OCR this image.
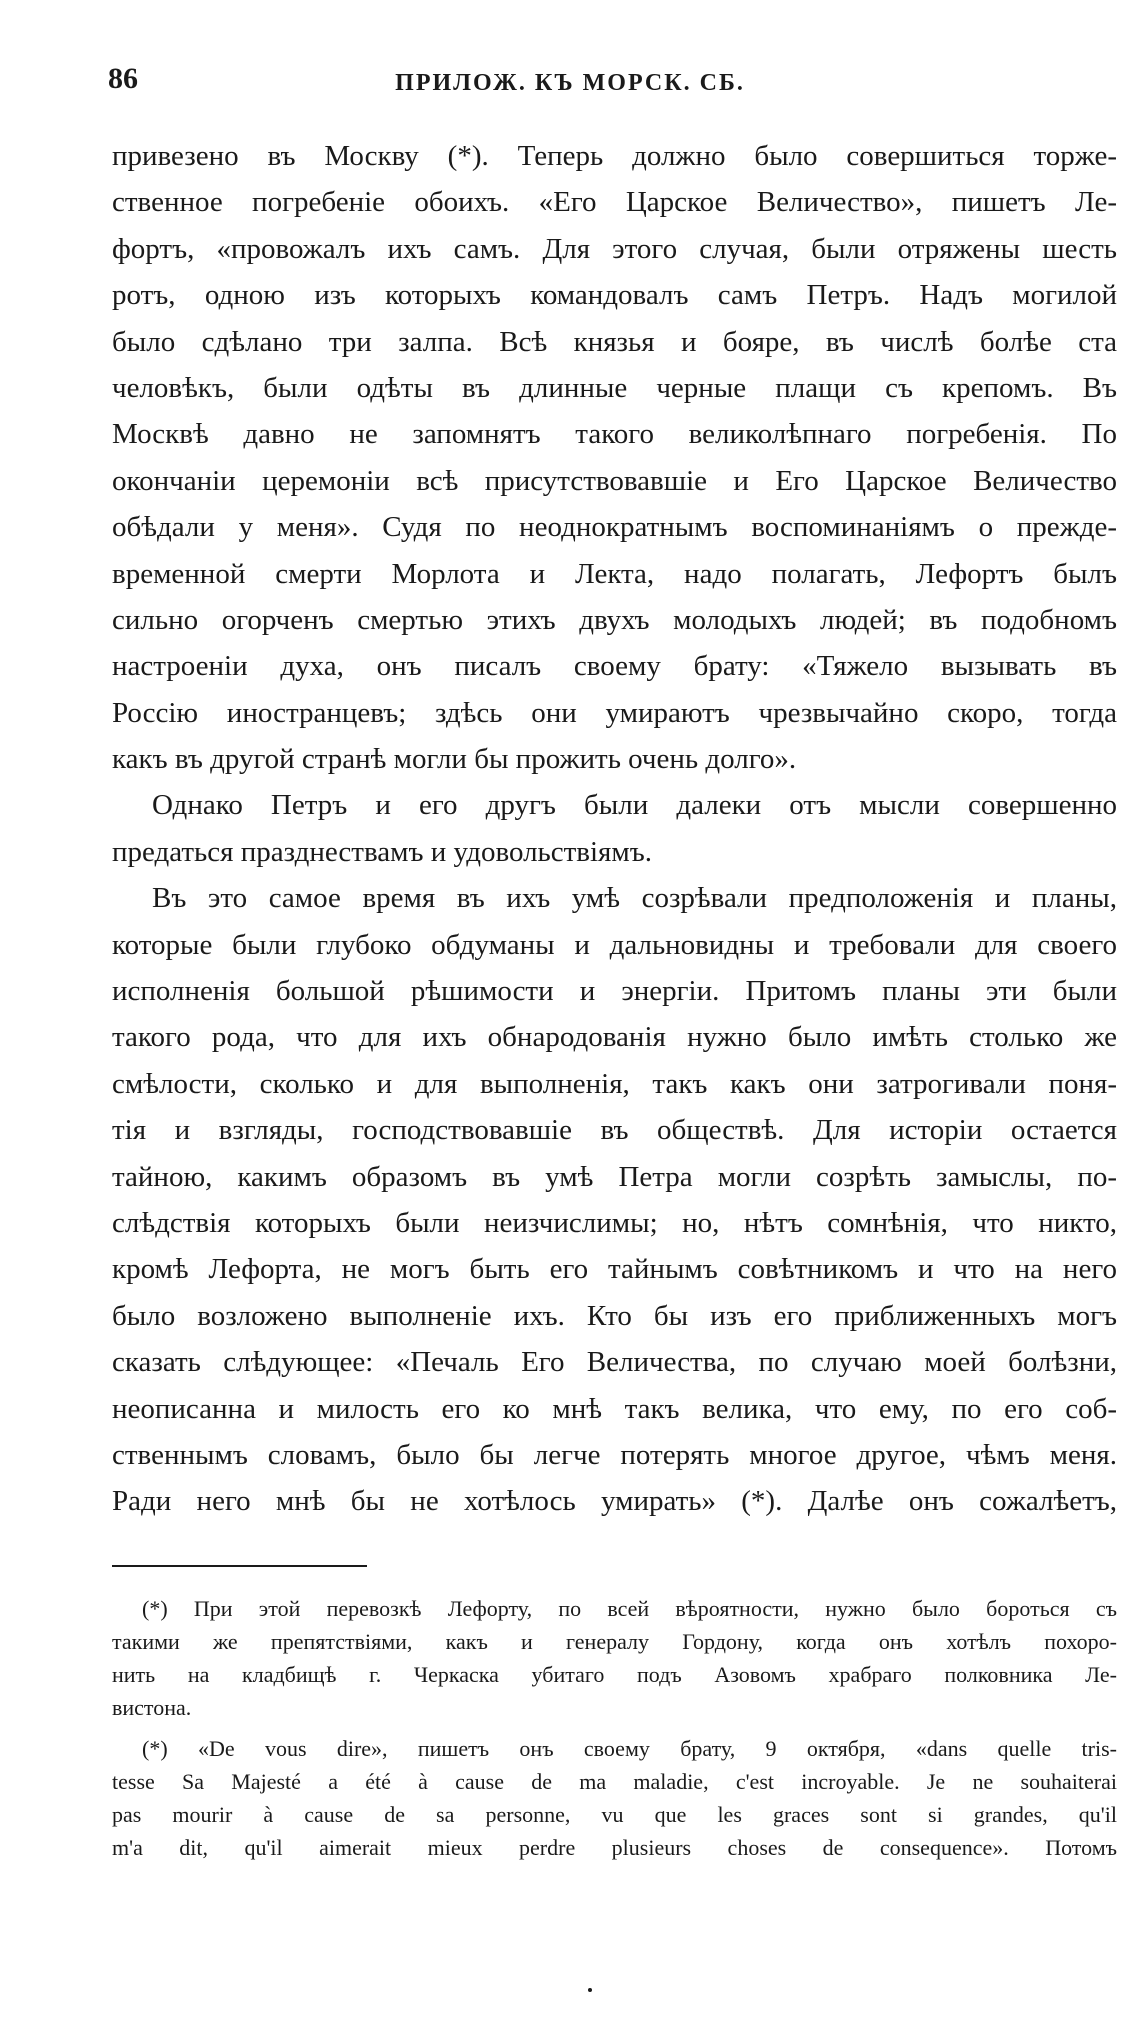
86	ПРИЛОЖ. КЪ МОРСК. СБ.
привезено въ Москву (*). Теперь должно было совершиться торже-
ственное погребеніе обоихъ. «Его Царское Величество», пишетъ Ле-
фортъ, «провожалъ ихъ самъ. Для этого случая, были отряжены шесть
ротъ, одною изъ которыхъ командовалъ самъ Петръ. Надъ могилой
было сдѣлано три залпа. Всѣ князья и бояре, въ числѣ болѣе ста
человѣкъ, были одѣты въ длинные черные плащи съ крепомъ. Въ
Москвѣ давно не запомнятъ такого великолѣпнаго погребенія. По
окончаніи церемоніи всѣ присутствовавшіе и Его Царское Величество
обѣдали у меня». Судя по неоднократнымъ воспоминаніямъ о преждe-
временной смерти Морлота и Лекта, надо полагать, Лефортъ былъ
сильно огорченъ смертью этихъ двухъ молодыхъ людей; въ подобномъ
настроеніи духа, онъ писалъ своему брату: «Тяжело вызывать въ
Россію иностранцевъ; здѣсь они умираютъ чрезвычайно скоро, тогда
какъ въ другой странѣ могли бы прожить очень долго».
Однако Петръ и его другъ были далеки отъ мысли совершенно
предаться празднествамъ и удовольствіямъ.
Въ это самое время въ ихъ умѣ созрѣвали предположенія и планы,
которые были глубоко обдуманы и дальновидны и требовали для своего
исполненія большой рѣшимости и энергіи. Притомъ планы эти были
такого рода, что для ихъ обнародованія нужно было имѣть столько же
смѣлости, сколько и для выполненія, такъ какъ они затрогивали поня-
тія и взгляды, господствовавшіе въ обществѣ. Для исторіи остается
тайною, какимъ образомъ въ умѣ Петра могли созрѣть замыслы, по-
слѣдствія которыхъ были неизчислимы; но, нѣтъ сомнѣнія, что никто,
кромѣ Лефорта, не могъ быть его тайнымъ совѣтникомъ и что на него
было возложено выполненіе ихъ. Кто бы изъ его приближенныхъ могъ
сказать слѣдующее: «Печаль Его Величества, по случаю моей болѣзни,
неописанна и милость его ко мнѣ такъ велика, что ему, по его соб-
ственнымъ словамъ, было бы легче потерять многое другое, чѣмъ меня.
Ради него мнѣ бы не хотѣлось умирать» (*). Далѣе онъ сожалѣетъ,
(*) При этой перевозкѣ Лефорту, по всей вѣроятности, нужно было бороться съ
такими же препятствіями, какъ и генералу Гордону, когда онъ хотѣлъ похоро-
нить на кладбищѣ г. Черкаска убитаго подъ Азовомъ храбраго полковника Ле-
вистона.
(*) «De vous dire», пишетъ онъ своему брату, 9 октября, «dans quelle tris-
tesse Sa Majesté a été à cause de ma maladie, c'est incroyable. Je ne souhaiterai
pas mourir à cause de sa personne, vu que les graces sont si grandes, qu'il
m'a dit, qu'il aimerait mieux perdre plusieurs choses de consequence». Потомъ
